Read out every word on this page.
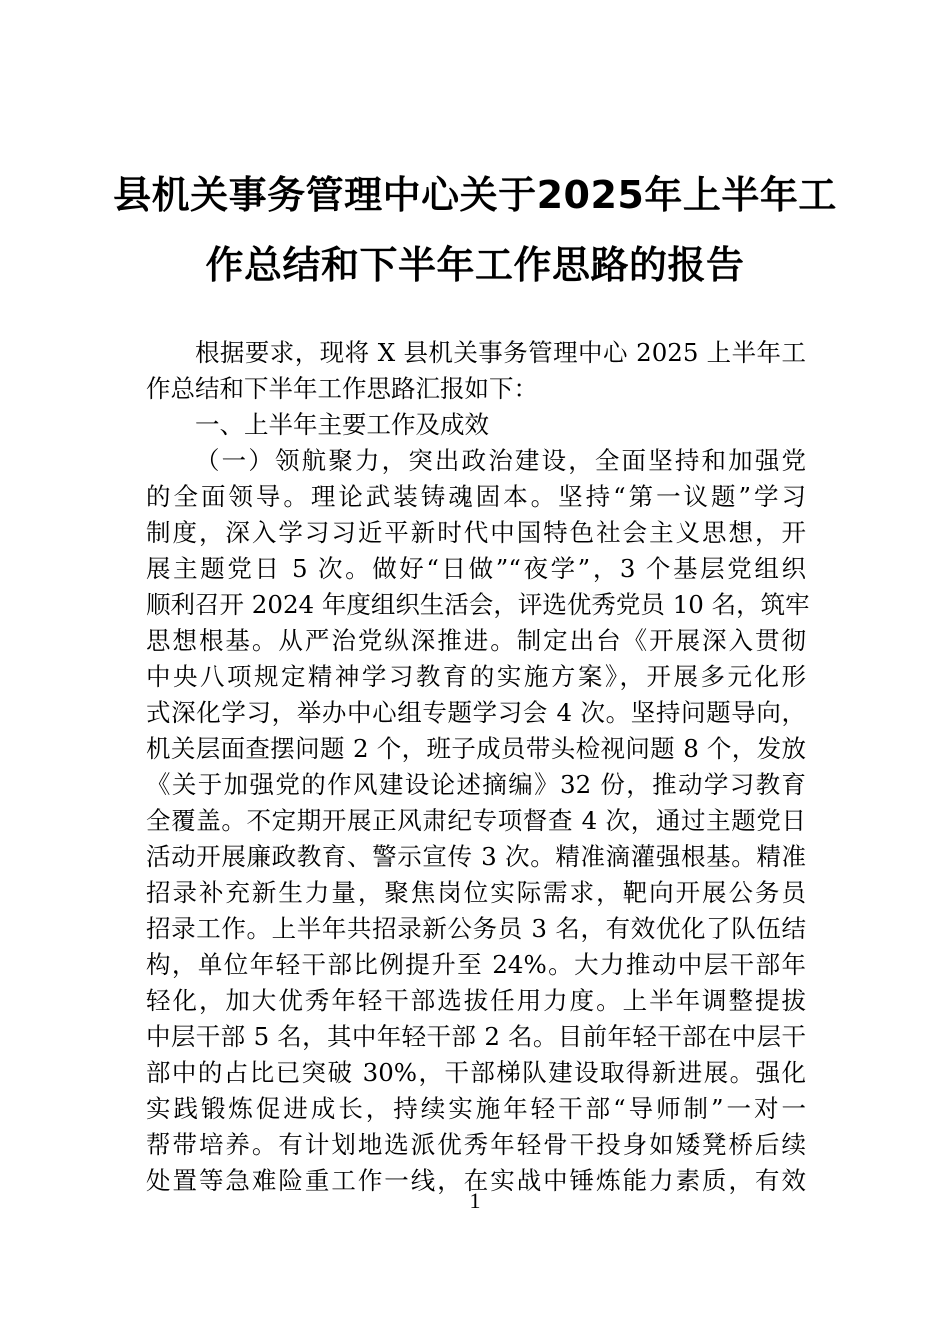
县机关事务管理中心关于2025年上半年工
作总结和下半年工作思路的报告
根据要求，现将 X 县机关事务管理中心 2025 上半年工
作总结和下半年工作思路汇报如下：
一、上半年主要工作及成效
（一）领航聚力，突出政治建设，全面坚持和加强党
的全面领导。理论武装铸魂固本。坚持“第一议题”学习
制度，深入学习习近平新时代中国特色社会主义思想，开
展主题党日 5 次。做好“日做”“夜学”，3 个基层党组织
顺利召开 2024 年度组织生活会，评选优秀党员 10 名，筑牢
思想根基。从严治党纵深推进。制定出台《开展深入贯彻
中央八项规定精神学习教育的实施方案》，开展多元化形
式深化学习，举办中心组专题学习会 4 次。坚持问题导向，
机关层面查摆问题 2 个，班子成员带头检视问题 8 个，发放
《关于加强党的作风建设论述摘编》32 份，推动学习教育
全覆盖。不定期开展正风肃纪专项督查 4 次，通过主题党日
活动开展廉政教育、警示宣传 3 次。精准滴灌强根基。精准
招录补充新生力量，聚焦岗位实际需求，靶向开展公务员
招录工作。上半年共招录新公务员 3 名，有效优化了队伍结
构，单位年轻干部比例提升至 24%。大力推动中层干部年
轻化，加大优秀年轻干部选拔任用力度。上半年调整提拔
中层干部 5 名，其中年轻干部 2 名。目前年轻干部在中层干
部中的占比已突破 30%，干部梯队建设取得新进展。强化
实践锻炼促进成长，持续实施年轻干部“导师制”一对一
帮带培养。有计划地选派优秀年轻骨干投身如矮凳桥后续
处置等急难险重工作一线，在实战中锤炼能力素质，有效
1
